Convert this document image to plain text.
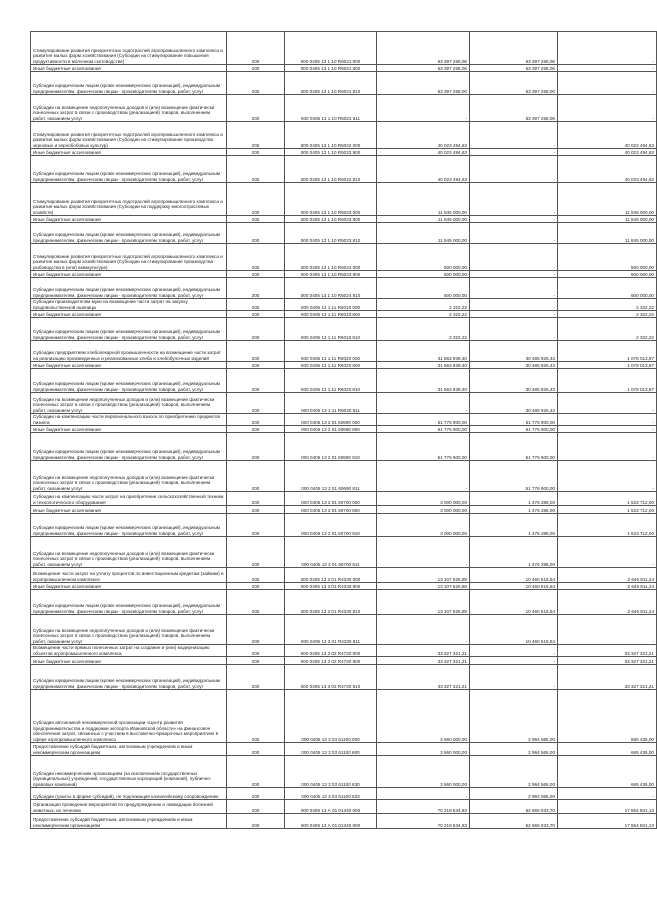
Стимулирование развития приоритетных подотраслей агропромышленного комплекса и развития малых форм хозяйствования (Субсидии на стимулирование повышения продуктивности в молочном скотоводстве)	200	000 0405 13 1 10 R5021 000	63 397 258,06	63 397 258,06	-
Иные бюджетные ассигнования	200	000 0405 13 1 10 R5021 800	63 397 258,06	63 397 258,06	-
Субсидии юридическим лицам (кроме некоммерческих организаций), индивидуальным предпринимателям, физическим лицам - производителям товаров, работ, услуг	200	000 0405 13 1 10 R5021 810	63 397 258,06	63 397 258,06	-
Субсидии на возмещение недополученных доходов и (или) возмещение фактически понесенных затрат в связи с производством (реализацией) товаров, выполнением работ, оказанием услуг	200	000 0405 13 1 10 R5021 811	-	63 397 258,06	-
Стимулирование развития приоритетных подотраслей агропромышленного комплекса и развития малых форм хозяйствования (Субсидии на стимулирование производства зерновых и зернобобовых культур)	200	000 0405 13 1 10 R5022 000	40 023 494,63	-	40 023 494,63
Иные бюджетные ассигнования	200	000 0405 13 1 10 R5022 800	40 023 494,63	-	40 023 494,63
Субсидии юридическим лицам (кроме некоммерческих организаций), индивидуальным предпринимателям, физическим лицам - производителям товаров, работ, услуг	200	000 0405 13 1 10 R5022 810	40 023 494,63	-	40 023 494,63
Стимулирование развития приоритетных подотраслей агропромышленного комплекса и развития малых форм хозяйствования (Субсидии на поддержку многоотраслевых хозяйств)	200	000 0405 13 1 10 R5023 000	11 845 000,00	-	11 845 000,00
Иные бюджетные ассигнования	200	000 0405 13 1 10 R5023 800	11 845 000,00	-	11 845 000,00
Субсидии юридическим лицам (кроме некоммерческих организаций), индивидуальным предпринимателям, физическим лицам - производителям товаров, работ, услуг	200	000 0405 13 1 10 R5023 810	11 845 000,00	-	11 845 000,00
Стимулирование развития приоритетных подотраслей агропромышленного комплекса и развития малых форм хозяйствования (Субсидии на стимулирование производства рыбоводства в (или) аквакультуре)	200	000 0405 13 1 10 R5024 000	500 000,00	-	500 000,00
Иные бюджетные ассигнования	200	000 0405 13 1 10 R5024 800	500 000,00	-	500 000,00
Субсидии юридическим лицам (кроме некоммерческих организаций), индивидуальным предпринимателям, физическим лицам - производителям товаров, работ, услуг	200	000 0405 13 1 10 R5024 810	500 000,00	-	500 000,00
Субсидии производителям муки на возмещение части затрат на закупку продовольственной пшеницы	200	000 0405 13 1 11 R6010 000	2 322,22	-	2 322,22
Иные бюджетные ассигнования	200	000 0405 13 1 11 R6010 800	2 322,22	-	2 322,22
Субсидии юридическим лицам (кроме некоммерческих организаций), индивидуальным предпринимателям, физическим лицам - производителям товаров, работ, услуг	200	000 0405 13 1 11 R6010 810	2 322,22	-	2 322,22
Субсидии предприятиям хлебопекарной промышленности на возмещение части затрат на реализацию произведенных и реализованных хлеба и хлебобулочных изделий	200	000 0405 13 1 11 R6020 000	31 563 939,40	30 485 925,43	1 078 013,97
Иные бюджетные ассигнования	200	000 0405 13 1 11 R6020 800	31 563 939,40	30 485 925,43	1 078 013,97
Субсидии юридическим лицам (кроме некоммерческих организаций), индивидуальным предпринимателям, физическим лицам - производителям товаров, работ, услуг	200	000 0405 13 1 11 R6020 810	31 563 939,40	30 485 925,43	1 078 013,97
Субсидии на возмещение недополученных доходов и (или) возмещение фактически понесенных затрат в связи с производством (реализацией) товаров, выполнением работ, оказанием услуг	200	000 0405 13 1 11 R6020 811	-	30 485 925,43	-
Субсидии на компенсацию части первоначального взноса по приобретению предметов лизинга	200	000 0405 13 2 01 60690 000	51 776 900,00	51 776 900,00	-
Иные бюджетные ассигнования	200	000 0405 13 2 01 60690 800	51 776 900,00	51 776 900,00	-
Субсидии юридическим лицам (кроме некоммерческих организаций), индивидуальным предпринимателям, физическим лицам - производителям товаров, работ, услуг	200	000 0405 13 2 01 60690 810	51 776 900,00	51 776 900,00	-
Субсидии на возмещение недополученных доходов и (или) возмещение фактически понесенных затрат в связи с производством (реализацией) товаров, выполнением работ, оказанием услуг	200	000 0405 13 2 01 60690 811	-	51 776 900,00	-
Субсидии на компенсацию части затрат на приобретение сельскохозяйственной техники и технологического оборудования	200	000 0405 13 2 01 60700 000	3 000 000,00	1 476 288,00	1 523 712,00
Иные бюджетные ассигнования	200	000 0405 13 2 01 60700 800	3 000 000,00	1 476 288,00	1 523 712,00
Субсидии юридическим лицам (кроме некоммерческих организаций), индивидуальным предпринимателям, физическим лицам - производителям товаров, работ, услуг	200	000 0405 13 2 01 60700 810	3 000 000,00	1 476 288,00	1 523 712,00
Субсидии на возмещение недополученных доходов и (или) возмещение фактически понесенных затрат в связи с производством (реализацией) товаров, выполнением работ, оказанием услуг	200	000 0405 13 2 01 60700 811	-	1 476 288,00	-
Возмещение части затрат на уплату процентов по инвестиционным кредитам (займам) в агропромышленном комплексе	200	000 0405 13 3 01 R4330 000	13 107 526,88	10 460 615,64	2 646 911,24
Иные бюджетные ассигнования	200	000 0405 13 3 01 R4330 800	13 107 526,88	10 460 615,64	2 646 911,24
Субсидии юридическим лицам (кроме некоммерческих организаций), индивидуальным предпринимателям, физическим лицам - производителям товаров, работ, услуг	200	000 0405 13 3 01 R4330 810	13 107 526,88	10 460 615,64	2 646 911,24
Субсидии на возмещение недополученных доходов и (или) возмещение фактически понесенных затрат в связи с производством (реализацией) товаров, выполнением работ, оказанием услуг	200	000 0405 13 3 01 R4330 811	-	10 460 615,64	-
Возмещение части прямых понесенных затрат на создание и (или) модернизацию объектов агропромышленного комплекса	200	000 0405 13 3 02 R4720 000	33 327 321,21	-	33 327 321,21
Иные бюджетные ассигнования	200	000 0405 13 3 02 R4720 800	33 327 321,21	-	33 327 321,21
Субсидии юридическим лицам (кроме некоммерческих организаций), индивидуальным предпринимателям, физическим лицам - производителям товаров, работ, услуг	200	000 0405 13 3 02 R4720 810	33 327 321,21	-	33 327 321,21
Субсидия автономной некоммерческой организации «Центр развития предпринимательства и поддержки экспорта Ивановской области» на финансовое обеспечение затрат, связанных с участием в выставочно-ярмарочных мероприятиях в сфере агропромышленного комплекса	200	000 0405 13 3 03 61100 000	3 660 000,00	2 994 565,00	665 435,00
Предоставление субсидий бюджетным, автономным учреждениям и иным некоммерческим организациям	200	000 0405 13 3 03 61100 600	3 660 000,00	2 994 565,00	665 435,00
Субсидии некоммерческим организациям (за исключением государственных (муниципальных) учреждений, государственных корпораций (компаний), публично-правовых компаний)	200	000 0405 13 3 03 61100 630	3 660 000,00	2 994 565,00	665 435,00
Субсидии (гранты в форме субсидий), не подлежащие казначейскому сопровождению	200	000 0405 13 3 03 61100 633	-	2 994 565,00	-
Организация проведения мероприятий по предупреждению и ликвидации болезней животных, их лечению	200	000 0405 13 А 01 01340 000	70 219 534,83	52 665 033,70	17 554 501,13
Предоставление субсидий бюджетным, автономным учреждениям и иным некоммерческим организациям	200	000 0405 13 А 01 01340 600	70 219 534,83	52 665 033,70	17 554 501,13
